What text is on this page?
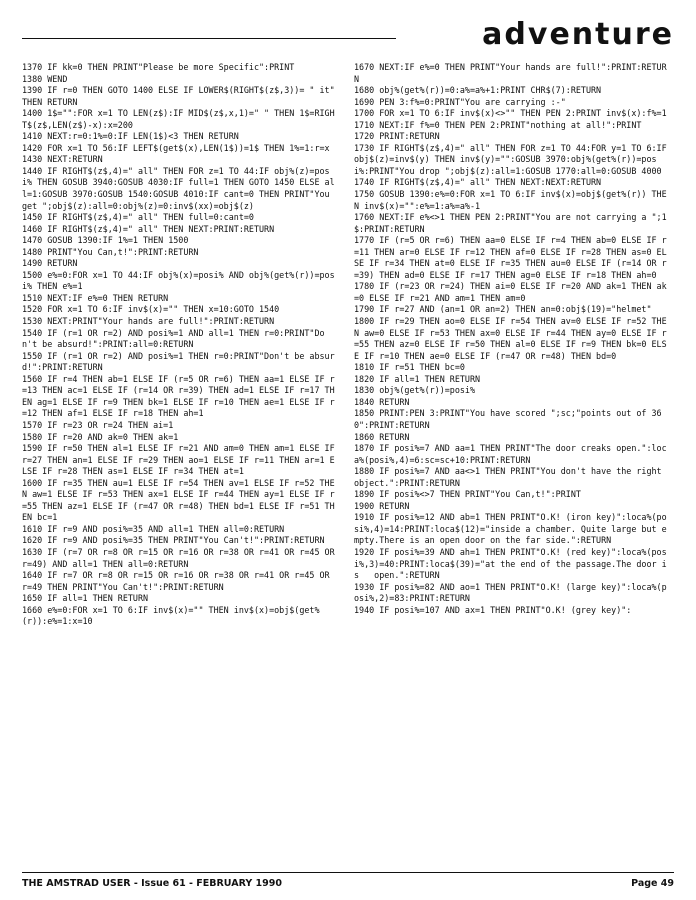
adventure
1370 IF kk=0 THEN PRINT"Please be more Specific":PRINT
1380 WEND
1390 IF r=0 THEN GOTO 1400 ELSE IF LOWER$(RIGHT$(z$,3))= " it" THEN RETURN
1400 1$="":FOR x=1 TO LEN(z$):IF MID$(z$,x,1)=" " THEN 1$=RIGHT$(z$,LEN(z$)-x):x=200
1410 NEXT:r=0:1%=0:IF LEN(1$)<3 THEN RETURN
1420 FOR x=1 TO 56:IF LEFT$(get$(x),LEN(1$))=1$ THEN 1%=1:r=x
1430 NEXT:RETURN
1440 IF RIGHT$(z$,4)=" all" THEN FOR z=1 TO 44:IF obj%(z)=posi% THEN GOSUB 3940:GOSUB 4030:IF full=1 THEN GOTO 1450 ELSE all=1:GOSUB 3970:GOSUB 1540:GOSUB 4010:IF cant=0 THEN PRINT"You get ";obj$(z):all=0:obj%(z)=0:inv$(xx)=obj$(z)
1450 IF RIGHT$(z$,4)=" all" THEN full=0:cant=0
1460 IF RIGHT$(z$,4)=" all" THEN NEXT:PRINT:RETURN
1470 GOSUB 1390:IF 1%=1 THEN 1500
1480 PRINT"You Can,t!":PRINT:RETURN
1490 RETURN
1500 e%=0:FOR x=1 TO 44:IF obj%(x)=posi% AND obj%(get%(r))=posi% THEN e%=1
1510 NEXT:IF e%=0 THEN RETURN
1520 FOR x=1 TO 6:IF inv$(x)="" THEN x=10:GOTO 1540
1530 NEXT:PRINT"Your hands are full!":PRINT:RETURN
1540 IF (r=1 OR r=2) AND posi%=1 AND all=1 THEN r=0:PRINT"Don't be absurd!":PRINT:all=0:RETURN
1550 IF (r=1 OR r=2) AND posi%=1 THEN r=0:PRINT"Don't be absurd!":PRINT:RETURN
1560 IF r=4 THEN ab=1 ELSE IF (r=5 OR r=6) THEN aa=1 ELSE IF r=13 THEN ac=1 ELSE IF (r=14 OR r=39) THEN ad=1 ELSE IF r=17 THEN ag=1 ELSE IF r=9 THEN bk=1 ELSE IF r=10 THEN ae=1 ELSE IF r=12 THEN af=1 ELSE IF r=18 THEN ah=1
1570 IF r=23 OR r=24 THEN ai=1
1580 IF r=20 AND ak=0 THEN ak=1
1590 IF r=50 THEN al=1 ELSE IF r=21 AND am=0 THEN am=1 ELSE IF r=27 THEN an=1 ELSE IF r=29 THEN ao=1 ELSE IF r=11 THEN ar=1 ELSE IF r=28 THEN as=1 ELSE IF r=34 THEN at=1
1600 IF r=35 THEN au=1 ELSE IF r=54 THEN av=1 ELSE IF r=52 THEN aw=1 ELSE IF r=53 THEN ax=1 ELSE IF r=44 THEN ay=1 ELSE IF r=55 THEN az=1 ELSE IF (r=47 OR r=48) THEN bd=1 ELSE IF r=51 THEN bc=1
1610 IF r=9 AND posi%=35 AND all=1 THEN all=0:RETURN
1620 IF r=9 AND posi%=35 THEN PRINT"You Can't!":PRINT:RETURN
1630 IF (r=7 OR r=8 OR r=15 OR r=16 OR r=38 OR r=41 OR r=45 OR r=49) AND all=1 THEN all=0:RETURN
1640 IF r=7 OR r=8 OR r=15 OR r=16 OR r=38 OR r=41 OR r=45 OR r=49 THEN PRINT"You Can't!":PRINT:RETURN
1650 IF all=1 THEN RETURN
1660 e%=0:FOR x=1 TO 6:IF inv$(x)="" THEN inv$(x)=obj$(get%(r)):e%=1:x=10
1670 NEXT:IF e%=0 THEN PRINT"Your hands are full!":PRINT:RETURN
1680 obj%(get%(r))=0:a%=a%+1:PRINT CHR$(7):RETURN
1690 PEN 3:f%=0:PRINT"You are carrying :-"
1700 FOR x=1 TO 6:IF inv$(x)<>"" THEN PEN 2:PRINT inv$(x):f%=1
1710 NEXT:IF f%=0 THEN PEN 2:PRINT"nothing at all!":PRINT
1720 PRINT:RETURN
1730 IF RIGHT$(z$,4)=" all" THEN FOR z=1 TO 44:FOR y=1 TO 6:IF obj$(z)=inv$(y) THEN inv$(y)="":GOSUB 3970:obj%(get%(r))=posi%:PRINT"You drop ";obj$(z):all=1:GOSUB 1770:all=0:GOSUB 4000
1740 IF RIGHT$(z$,4)=" all" THEN NEXT:NEXT:RETURN
1750 GOSUB 1390:e%=0:FOR x=1 TO 6:IF inv$(x)=obj$(get%(r)) THEN inv$(x)="":e%=1:a%=a%-1
1760 NEXT:IF e%<>1 THEN PEN 2:PRINT"You are not carrying a ";1$:PRINT:RETURN
1770 IF (r=5 OR r=6) THEN aa=0 ELSE IF r=4 THEN ab=0 ELSE IF r=11 THEN ar=0 ELSE IF r=12 THEN af=0 ELSE IF r=28 THEN as=0 ELSE IF r=34 THEN at=0 ELSE IF r=35 THEN au=0 ELSE IF (r=14 OR r=39) THEN ad=0 ELSE IF r=17 THEN ag=0 ELSE IF r=18 THEN ah=0
1780 IF (r=23 OR r=24) THEN ai=0 ELSE IF r=20 AND ak=1 THEN ak=0 ELSE IF r=21 AND am=1 THEN am=0
1790 IF r=27 AND (an=1 OR an=2) THEN an=0:obj$(19)="helmet"
1800 IF r=29 THEN ao=0 ELSE IF r=54 THEN av=0 ELSE IF r=52 THEN aw=0 ELSE IF r=53 THEN ax=0 ELSE IF r=44 THEN ay=0 ELSE IF r=55 THEN az=0 ELSE IF r=50 THEN al=0 ELSE IF r=9 THEN bk=0 ELSE IF r=10 THEN ae=0 ELSE IF (r=47 OR r=48) THEN bd=0
1810 IF r=51 THEN bc=0
1820 IF all=1 THEN RETURN
1830 obj%(get%(r))=posi%
1840 RETURN
1850 PRINT:PEN 3:PRINT"You have scored ";sc;"points out of 360":PRINT:RETURN
1860 RETURN
1870 IF posi%=7 AND aa=1 THEN PRINT"The door creaks open.":loca%(posi%,4)=6:sc=sc+10:PRINT:RETURN
1880 IF posi%=7 AND aa<>1 THEN PRINT"You don't have the right object.":PRINT:RETURN
1890 IF posi%<>7 THEN PRINT"You Can,t!":PRINT
1900 RETURN
1910 IF posi%=12 AND ab=1 THEN PRINT"O.K! (iron key)":loca%(posi%,4)=14:PRINT:loca$(12)="inside a chamber. Quite large but empty.There is an open door on the far side.":RETURN
1920 IF posi%=39 AND ah=1 THEN PRINT"O.K! (red key)":loca%(posi%,3)=40:PRINT:loca$(39)="at the end of the passage.The door is   open.":RETURN
1930 IF posi%=82 AND ao=1 THEN PRINT"O.K! (large key)":loca%(posi%,2)=83:PRINT:RETURN
1940 IF posi%=107 AND ax=1 THEN PRINT"O.K! (grey key)":
THE AMSTRAD USER - Issue 61 - FEBRUARY 1990	Page 49
